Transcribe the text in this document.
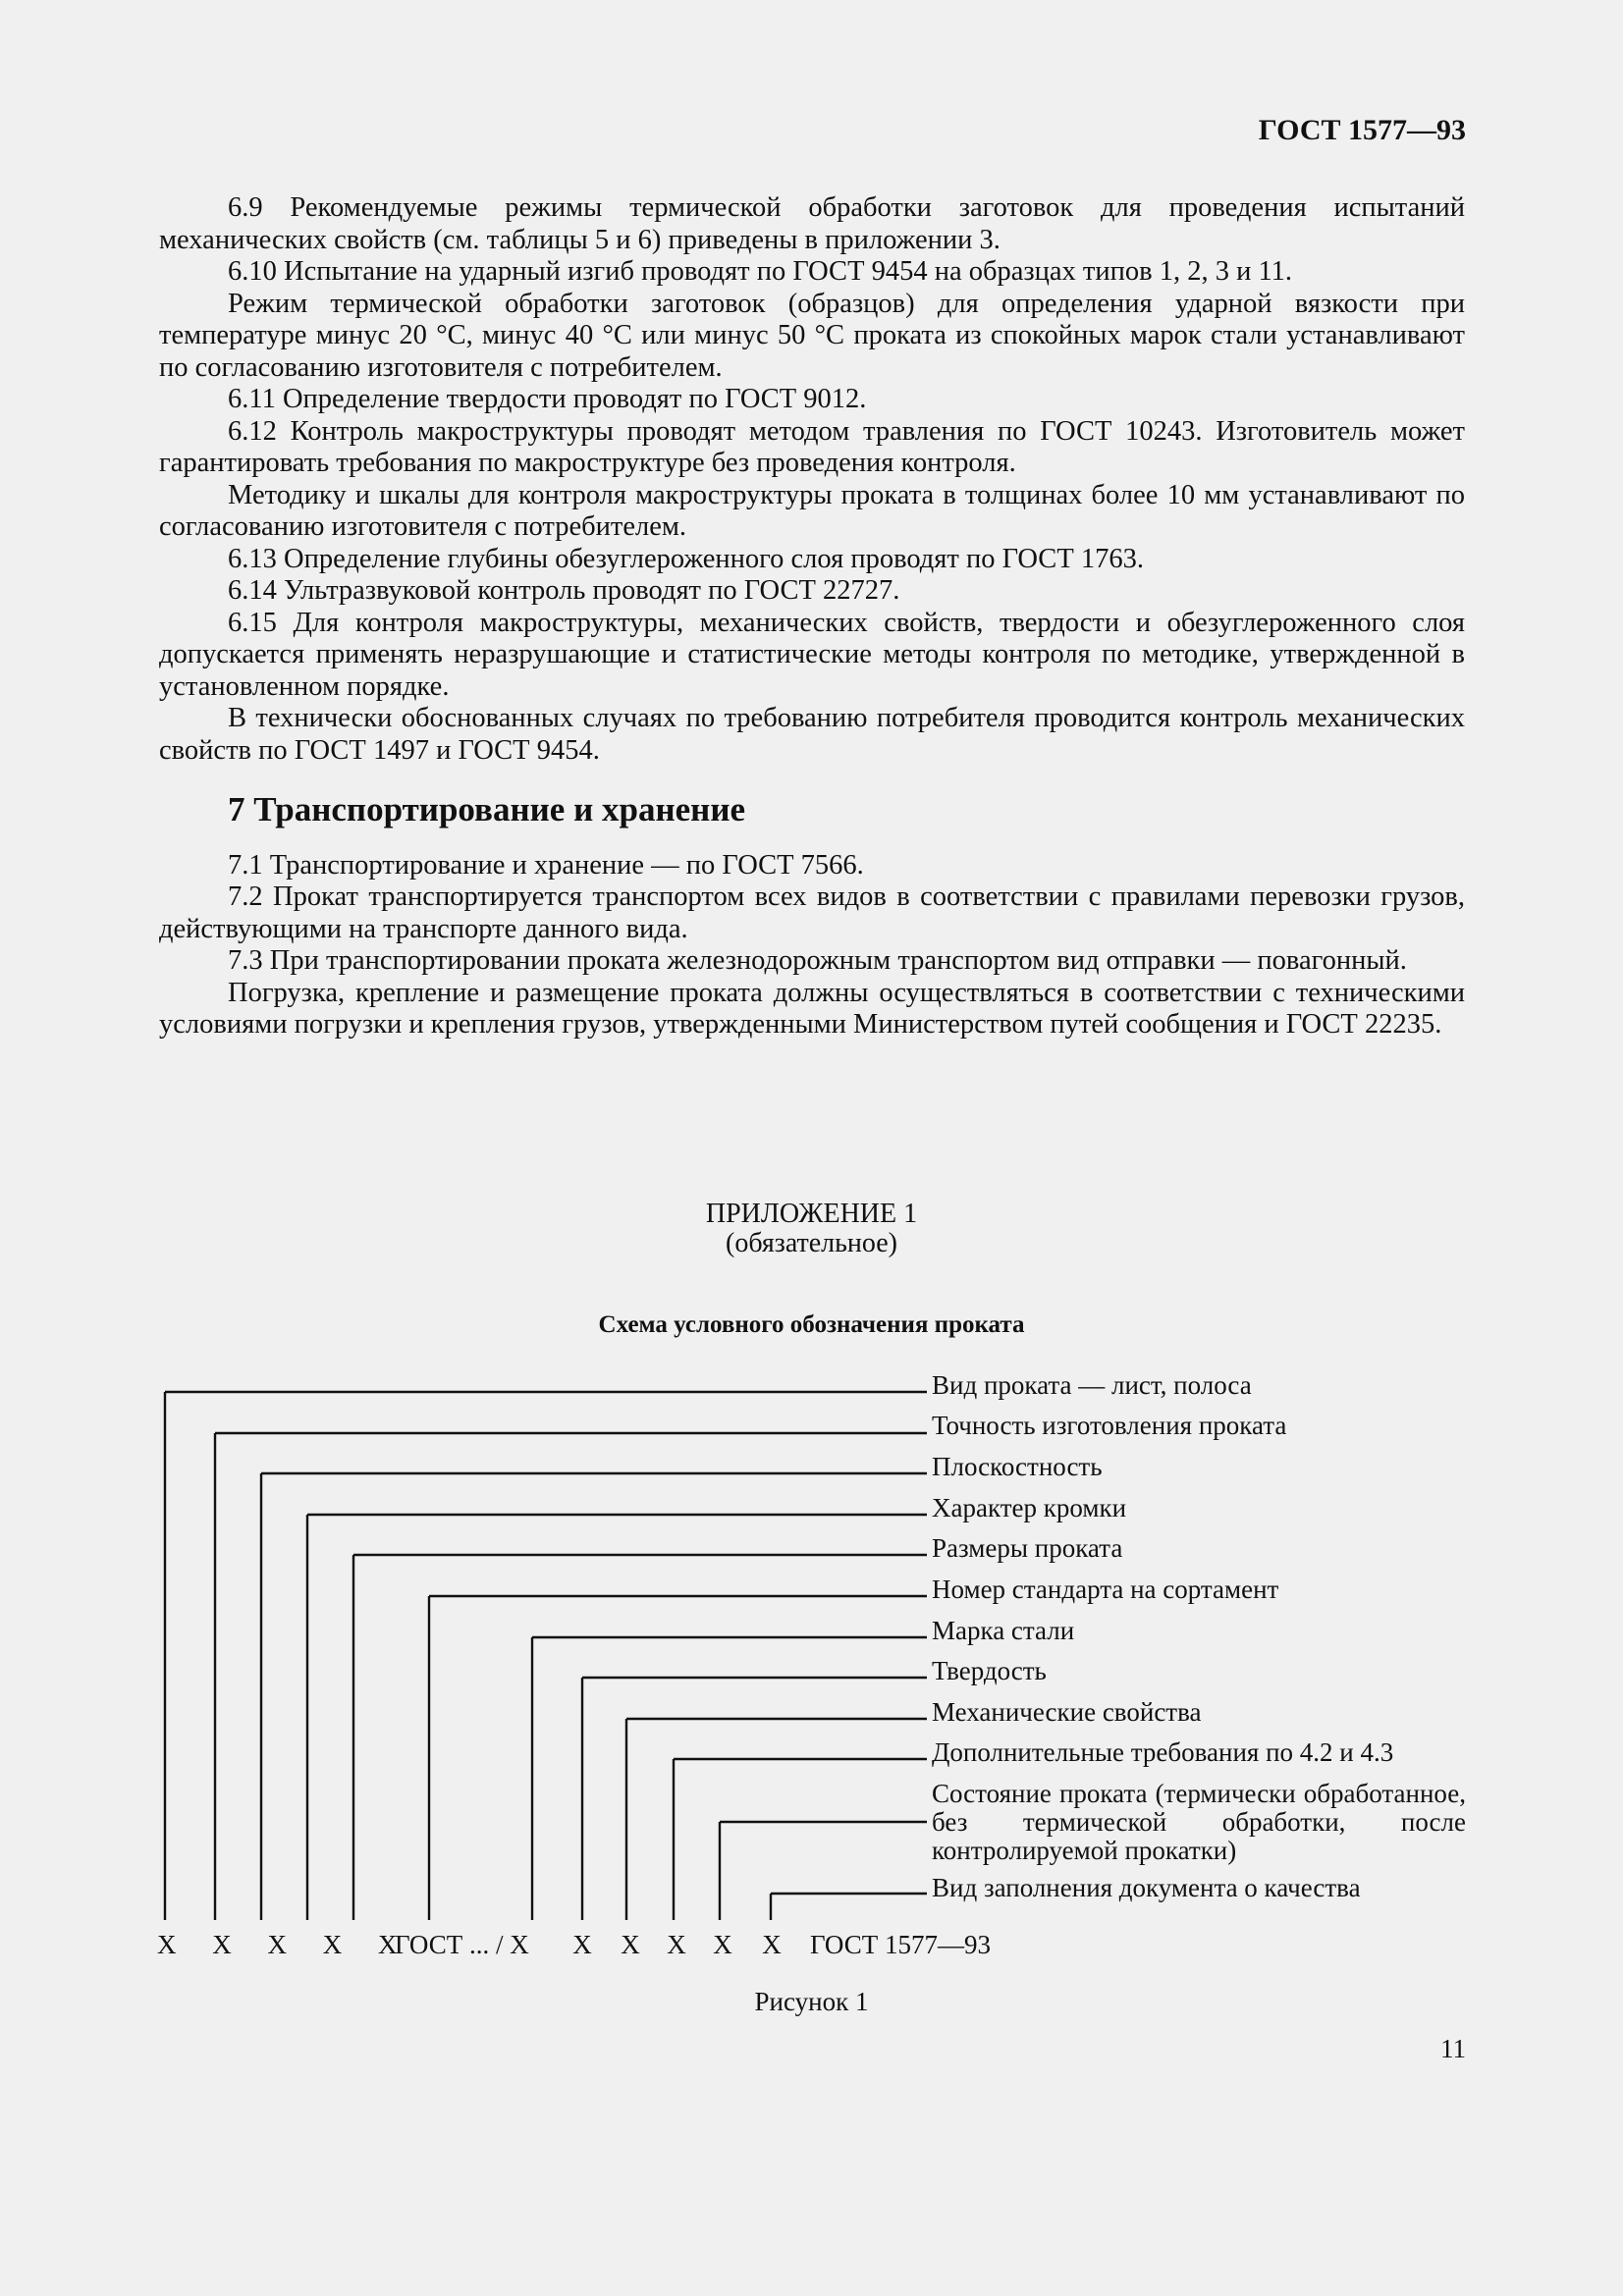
ГОСТ 1577—93

6.9 Рекомендуемые режимы термической обработки заготовок для проведения испытаний механических свойств (см. таблицы 5 и 6) приведены в приложении 3.

6.10 Испытание на ударный изгиб проводят по ГОСТ 9454 на образцах типов 1, 2, 3 и 11.

Режим термической обработки заготовок (образцов) для определения ударной вязкости при температуре минус 20 °С, минус 40 °С или минус 50 °С проката из спокойных марок стали устанавливают по согласованию изготовителя с потребителем.

6.11 Определение твердости проводят по ГОСТ 9012.

6.12 Контроль макроструктуры проводят методом травления по ГОСТ 10243. Изготовитель может гарантировать требования по макроструктуре без проведения контроля.

Методику и шкалы для контроля макроструктуры проката в толщинах более 10 мм устанавливают по согласованию изготовителя с потребителем.

6.13 Определение глубины обезуглероженного слоя проводят по ГОСТ 1763.

6.14 Ультразвуковой контроль проводят по ГОСТ 22727.

6.15 Для контроля макроструктуры, механических свойств, твердости и обезуглероженного слоя допускается применять неразрушающие и статистические методы контроля по методике, утвержденной в установленном порядке.

В технически обоснованных случаях по требованию потребителя проводится контроль механических свойств по ГОСТ 1497 и ГОСТ 9454.

7 Транспортирование и хранение

7.1 Транспортирование и хранение — по ГОСТ 7566.

7.2 Прокат транспортируется транспортом всех видов в соответствии с правилами перевозки грузов, действующими на транспорте данного вида.

7.3 При транспортировании проката железнодорожным транспортом вид отправки — повагонный.

Погрузка, крепление и размещение проката должны осуществляться в соответствии с техническими условиями погрузки и крепления грузов, утвержденными Министерством путей сообщения и ГОСТ 22235.

ПРИЛОЖЕНИЕ 1
(обязательное)
Схема условного обозначения проката
Вид проката — лист, полоса
Точность изготовления проката
Плоскостность
Характер кромки
Размеры проката
Номер стандарта на сортамент
Марка стали
Твердость
Механические свойства
Дополнительные требования по 4.2 и 4.3
Состояние проката (термически обработанное, без термической обработки, после контролируемой прокатки)
Вид заполнения документа о качества
Х Х Х Х Х
ГОСТ ... / Х Х Х Х Х Х ГОСТ 1577—93
Рисунок 1
11
